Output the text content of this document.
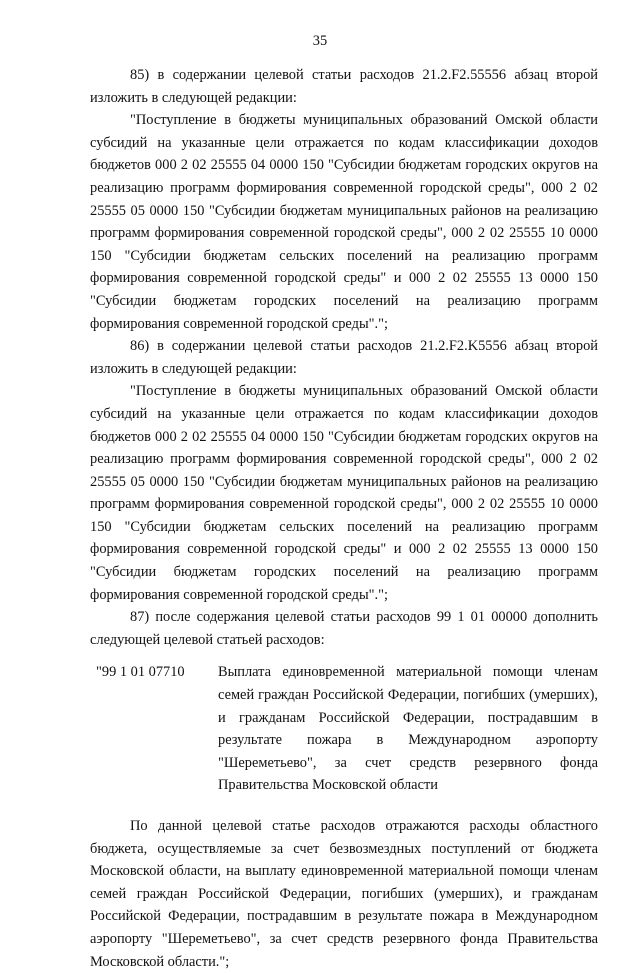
35

85) в содержании целевой статьи расходов 21.2.F2.55556 абзац второй изложить в следующей редакции:

"Поступление в бюджеты муниципальных образований Омской области субсидий на указанные цели отражается по кодам классификации доходов бюджетов 000 2 02 25555 04 0000 150 "Субсидии бюджетам городских округов на реализацию программ формирования современной городской среды", 000 2 02 25555 05 0000 150 "Субсидии бюджетам муниципальных районов на реализацию программ формирования современной городской среды", 000 2 02 25555 10 0000 150 "Субсидии бюджетам сельских поселений на реализацию программ формирования современной городской среды" и 000 2 02 25555 13 0000 150 "Субсидии бюджетам городских поселений на реализацию программ формирования современной городской среды".";

86) в содержании целевой статьи расходов 21.2.F2.K5556 абзац второй изложить в следующей редакции:

"Поступление в бюджеты муниципальных образований Омской области субсидий на указанные цели отражается по кодам классификации доходов бюджетов 000 2 02 25555 04 0000 150 "Субсидии бюджетам городских округов на реализацию программ формирования современной городской среды", 000 2 02 25555 05 0000 150 "Субсидии бюджетам муниципальных районов на реализацию программ формирования современной городской среды", 000 2 02 25555 10 0000 150 "Субсидии бюджетам сельских поселений на реализацию программ формирования современной городской среды" и 000 2 02 25555 13 0000 150 "Субсидии бюджетам городских поселений на реализацию программ формирования современной городской среды".";

87) после содержания целевой статьи расходов 99 1 01 00000 дополнить следующей целевой статьей расходов:

"99 1 01 07710	Выплата единовременной материальной помощи членам семей граждан Российской Федерации, погибших (умерших), и гражданам Российской Федерации, пострадавшим в результате пожара в Международном аэропорту "Шереметьево", за счет средств резервного фонда Правительства Московской области

По данной целевой статье расходов отражаются расходы областного бюджета, осуществляемые за счет безвозмездных поступлений от бюджета Московской области, на выплату единовременной материальной помощи членам семей граждан Российской Федерации, погибших (умерших), и гражданам Российской Федерации, пострадавшим в результате пожара в Международном аэропорту "Шереметьево", за счет средств резервного фонда Правительства Московской области.";
